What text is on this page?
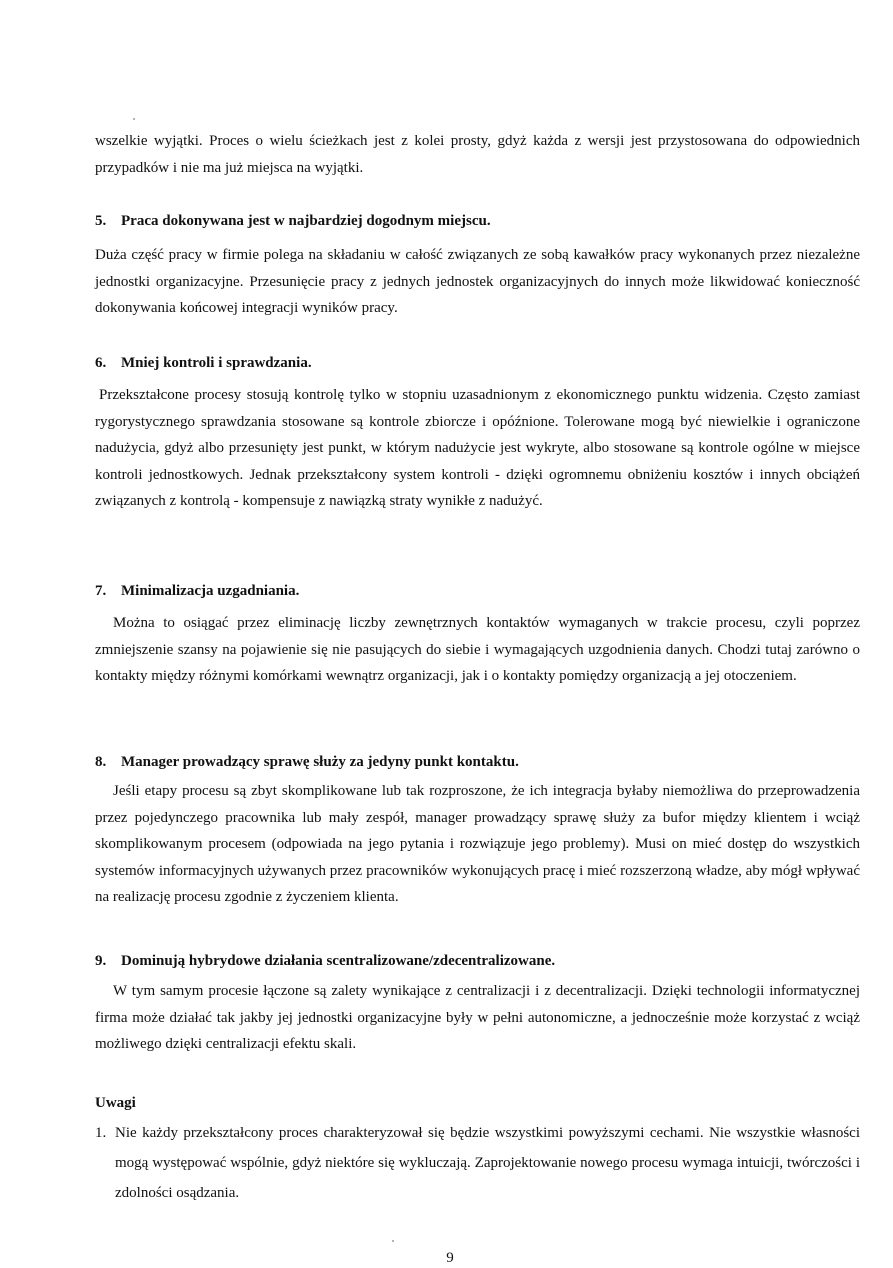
wszelkie wyjątki. Proces o wielu ścieżkach jest z kolei prosty, gdyż każda z wersji jest przystosowana do odpowiednich przypadków i nie ma już miejsca na wyjątki.

5. Praca dokonywana jest w najbardziej dogodnym miejscu.

Duża część pracy w firmie polega na składaniu w całość związanych ze sobą kawałków pracy wykonanych przez niezależne jednostki organizacyjne. Przesunięcie pracy z jednych jednostek organizacyjnych do innych może likwidować konieczność dokonywania końcowej integracji wyników pracy.

6. Mniej kontroli i sprawdzania.

Przekształcone procesy stosują kontrolę tylko w stopniu uzasadnionym z ekonomicznego punktu widzenia. Często zamiast rygorystycznego sprawdzania stosowane są kontrole zbiorcze i opóźnione. Tolerowane mogą być niewielkie i ograniczone nadużycia, gdyż albo przesunięty jest punkt, w którym nadużycie jest wykryte, albo stosowane są kontrole ogólne w miejsce kontroli jednostkowych. Jednak przekształcony system kontroli - dzięki ogromnemu obniżeniu kosztów i innych obciążeń związanych z kontrolą - kompensuje z nawiązką straty wynikłe z nadużyć.

7. Minimalizacja uzgadniania.

Można to osiągać przez eliminację liczby zewnętrznych kontaktów wymaganych w trakcie procesu, czyli poprzez zmniejszenie szansy na pojawienie się nie pasujących do siebie i wymagających uzgodnienia danych. Chodzi tutaj zarówno o kontakty między różnymi komórkami wewnątrz organizacji, jak i o kontakty pomiędzy organizacją a jej otoczeniem.

8. Manager prowadzący sprawę służy za jedyny punkt kontaktu.

Jeśli etapy procesu są zbyt skomplikowane lub tak rozproszone, że ich integracja byłaby niemożliwa do przeprowadzenia przez pojedynczego pracownika lub mały zespół, manager prowadzący sprawę służy za bufor między klientem i wciąż skomplikowanym procesem (odpowiada na jego pytania i rozwiązuje jego problemy). Musi on mieć dostęp do wszystkich systemów informacyjnych używanych przez pracowników wykonujących pracę i mieć rozszerzoną władze, aby mógł wpływać na realizację procesu zgodnie z życzeniem klienta.

9. Dominują hybrydowe działania scentralizowane/zdecentralizowane.

W tym samym procesie łączone są zalety wynikające z centralizacji i z decentralizacji. Dzięki technologii informatycznej firma może działać tak jakby jej jednostki organizacyjne były w pełni autonomiczne, a jednocześnie może korzystać z wciąż możliwego dzięki centralizacji efektu skali.

Uwagi
1. Nie każdy przekształcony proces charakteryzował się będzie wszystkimi powyższymi cechami. Nie wszystkie własności mogą występować wspólnie, gdyż niektóre się wykluczają. Zaprojektowanie nowego procesu wymaga intuicji, twórczości i zdolności osądzania.
9
